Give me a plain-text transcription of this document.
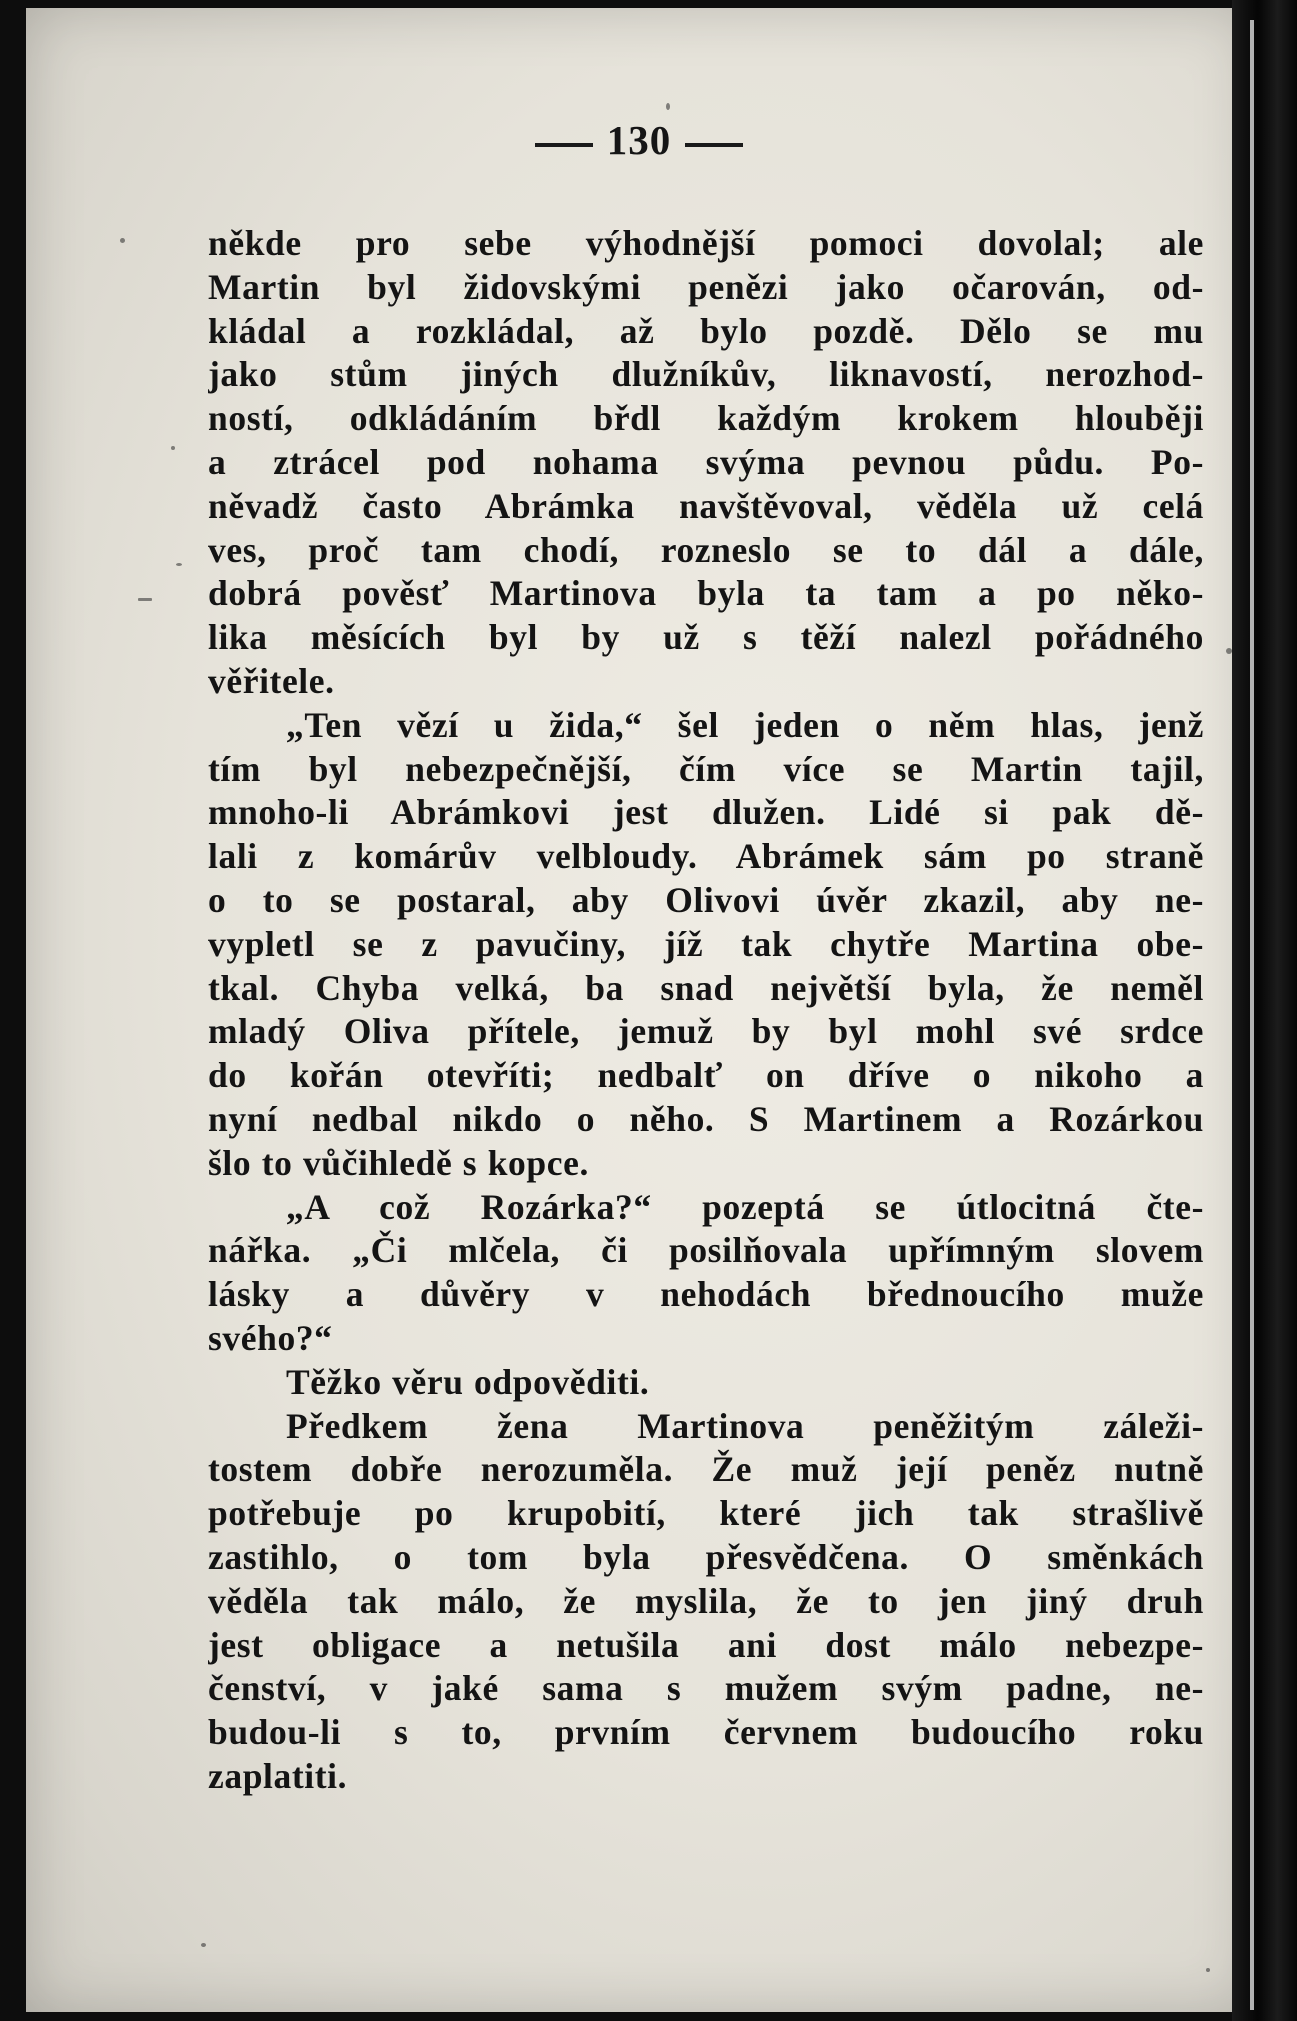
130
někde pro sebe výhodnější pomoci dovolal; ale
Martin byl židovskými penězi jako očarován, od-
kládal a rozkládal, až bylo pozdě. Dělo se mu
jako stům jiných dlužníkův, liknavostí, nerozhod-
ností, odkládáním břdl každým krokem hlouběji
a ztrácel pod nohama svýma pevnou půdu. Po-
něvadž často Abrámka navštěvoval, věděla už celá
ves, proč tam chodí, rozneslo se to dál a dále,
dobrá pověsť Martinova byla ta tam a po něko-
lika měsících byl by už s těží nalezl pořádného
věřitele.
„Ten vězí u žida,“ šel jeden o něm hlas, jenž
tím byl nebezpečnější, čím více se Martin tajil,
mnoho-li Abrámkovi jest dlužen. Lidé si pak dě-
lali z komárův velbloudy. Abrámek sám po straně
o to se postaral, aby Olivovi úvěr zkazil, aby ne-
vypletl se z pavučiny, jíž tak chytře Martina obe-
tkal. Chyba velká, ba snad největší byla, že neměl
mladý Oliva přítele, jemuž by byl mohl své srdce
do kořán otevříti; nedbalť on dříve o nikoho a
nyní nedbal nikdo o něho. S Martinem a Rozárkou
šlo to vůčihledě s kopce.
„A což Rozárka?“ pozeptá se útlocitná čte-
nářka. „Či mlčela, či posilňovala upřímným slovem
lásky a důvěry v nehodách břednoucího muže
svého?“
Těžko věru odpověditi.
Předkem žena Martinova peněžitým záleži-
tostem dobře nerozuměla. Že muž její peněz nutně
potřebuje po krupobití, které jich tak strašlivě
zastihlo, o tom byla přesvědčena. O směnkách
věděla tak málo, že myslila, že to jen jiný druh
jest obligace a netušila ani dost málo nebezpe-
čenství, v jaké sama s mužem svým padne, ne-
budou-li s to, prvním červnem budoucího roku
zaplatiti.
